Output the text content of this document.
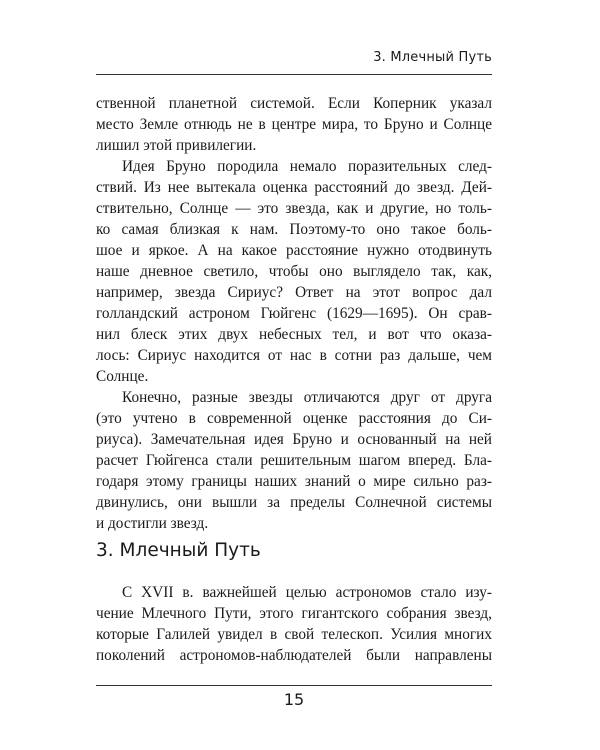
3. Млечный Путь
ственной планетной системой. Если Коперник указал
место Земле отнюдь не в центре мира, то Бруно и Солнце
лишил этой привилегии.
Идея Бруно породила немало поразительных след-
ствий. Из нее вытекала оценка расстояний до звезд. Дей-
ствительно, Солнце — это звезда, как и другие, но толь-
ко самая близкая к нам. Поэтому-то оно такое боль-
шое и яркое. А на какое расстояние нужно отодвинуть
наше дневное светило, чтобы оно выглядело так, как,
например, звезда Сириус? Ответ на этот вопрос дал
голландский астроном Гюйгенс (1629—1695). Он срав-
нил блеск этих двух небесных тел, и вот что оказа-
лось: Сириус находится от нас в сотни раз дальше, чем
Солнце.
Конечно, разные звезды отличаются друг от друга
(это учтено в современной оценке расстояния до Си-
риуса). Замечательная идея Бруно и основанный на ней
расчет Гюйгенса стали решительным шагом вперед. Бла-
годаря этому границы наших знаний о мире сильно раз-
двинулись, они вышли за пределы Солнечной системы
и достигли звезд.
3. Млечный Путь
С XVII в. важнейшей целью астрономов стало изу-
чение Млечного Пути, этого гигантского собрания звезд,
которые Галилей увидел в свой телескоп. Усилия многих
поколений астрономов-наблюдателей были направлены
15
